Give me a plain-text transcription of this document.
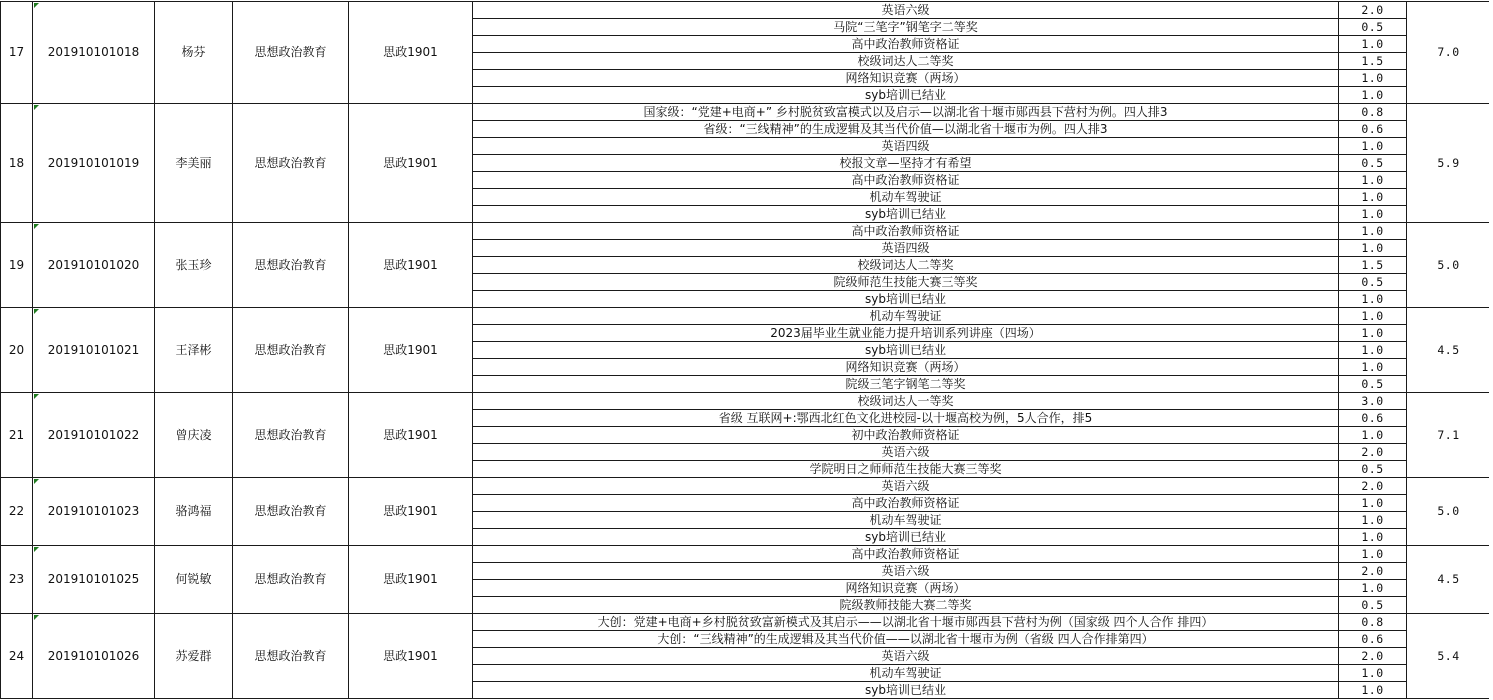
17	201910101018	杨芬	思想政治教育	思政1901	英语六级	2.0	7.0
					马院“三笔字”钢笔字二等奖	0.5	
					高中政治教师资格证	1.0	
					校级词达人二等奖	1.5	
					网络知识竞赛（两场）	1.0	
					syb培训已结业	1.0	
18	201910101019	李美丽	思想政治教育	思政1901	国家级：“党建+电商+” 乡村脱贫致富模式以及启示—以湖北省十堰市郧西县下营村为例。四人排3	0.8	5.9
					省级：“三线精神”的生成逻辑及其当代价值—以湖北省十堰市为例。四人排3	0.6	
					英语四级	1.0	
					校报文章—坚持才有希望	0.5	
					高中政治教师资格证	1.0	
					机动车驾驶证	1.0	
					syb培训已结业	1.0	
19	201910101020	张玉珍	思想政治教育	思政1901	高中政治教师资格证	1.0	5.0
					英语四级	1.0	
					校级词达人二等奖	1.5	
					院级师范生技能大赛三等奖	0.5	
					syb培训已结业	1.0	
20	201910101021	王泽彬	思想政治教育	思政1901	机动车驾驶证	1.0	4.5
					2023届毕业生就业能力提升培训系列讲座（四场）	1.0	
					syb培训已结业	1.0	
					网络知识竞赛（两场）	1.0	
					院级三笔字钢笔二等奖	0.5	
21	201910101022	曾庆凌	思想政治教育	思政1901	校级词达人一等奖	3.0	7.1
					省级 互联网+:鄂西北红色文化进校园-以十堰高校为例，5人合作，排5	0.6	
					初中政治教师资格证	1.0	
					英语六级	2.0	
					学院明日之师师范生技能大赛三等奖	0.5	
22	201910101023	骆鸿福	思想政治教育	思政1901	英语六级	2.0	5.0
					高中政治教师资格证	1.0	
					机动车驾驶证	1.0	
					syb培训已结业	1.0	
23	201910101025	何锐敏	思想政治教育	思政1901	高中政治教师资格证	1.0	4.5
					英语六级	2.0	
					网络知识竞赛（两场）	1.0	
					院级教师技能大赛二等奖	0.5	
24	201910101026	苏爱群	思想政治教育	思政1901	大创：党建+电商+乡村脱贫致富新模式及其启示——以湖北省十堰市郧西县下营村为例（国家级 四个人合作 排四）	0.8	5.4
					大创：“三线精神”的生成逻辑及其当代价值——以湖北省十堰市为例（省级 四人合作排第四）	0.6	
					英语六级	2.0	
					机动车驾驶证	1.0	
					syb培训已结业	1.0	
